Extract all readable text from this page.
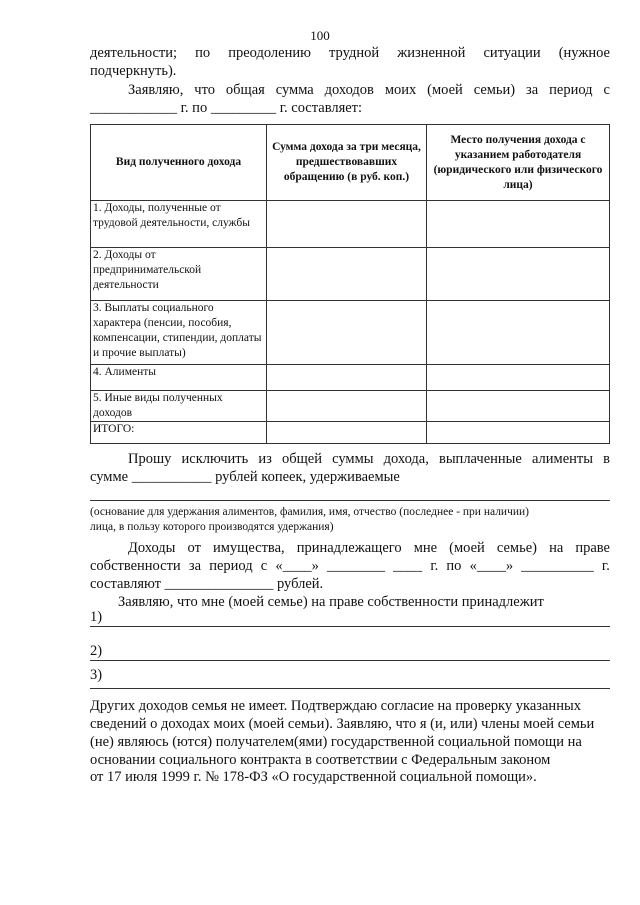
100
деятельности; по преодолению трудной жизненной ситуации (нужное
подчеркнуть).
Заявляю, что общая сумма доходов моих (моей семьи) за период с
____________ г. по _________ г. составляет:
Вид полученного дохода	Сумма дохода за три месяца, предшествовавших обращению (в руб. коп.)	Место получения дохода с указанием работодателя (юридического или физического лица)
1. Доходы, полученные от трудовой деятельности, службы		
2. Доходы от предпринимательской деятельности		
3. Выплаты социального характера (пенсии, пособия, компенсации, стипендии, доплаты и прочие выплаты)		
4. Алименты		
5. Иные виды полученных доходов		
ИТОГО:		
Прошу исключить из общей суммы дохода, выплаченные алименты в
сумме ___________ рублей копеек, удерживаемые
(основание для удержания алиментов, фамилия, имя, отчество (последнее - при наличии)
лица, в пользу которого производятся удержания)
Доходы от имущества, принадлежащего мне (моей семье) на праве
собственности за период с «____» ________ ____ г. по «____» __________ г.
составляют _______________ рублей.
Заявляю, что мне (моей семье) на праве собственности принадлежит
1)
2)
3)
Других доходов семья не имеет. Подтверждаю согласие на проверку указанных
сведений о доходах моих (моей семьи). Заявляю, что я (и, или) члены моей семьи
(не) являюсь (ются) получателем(ями) государственной социальной помощи на
основании социального контракта в соответствии с Федеральным законом
от 17 июля 1999 г. № 178-ФЗ «О государственной социальной помощи».
